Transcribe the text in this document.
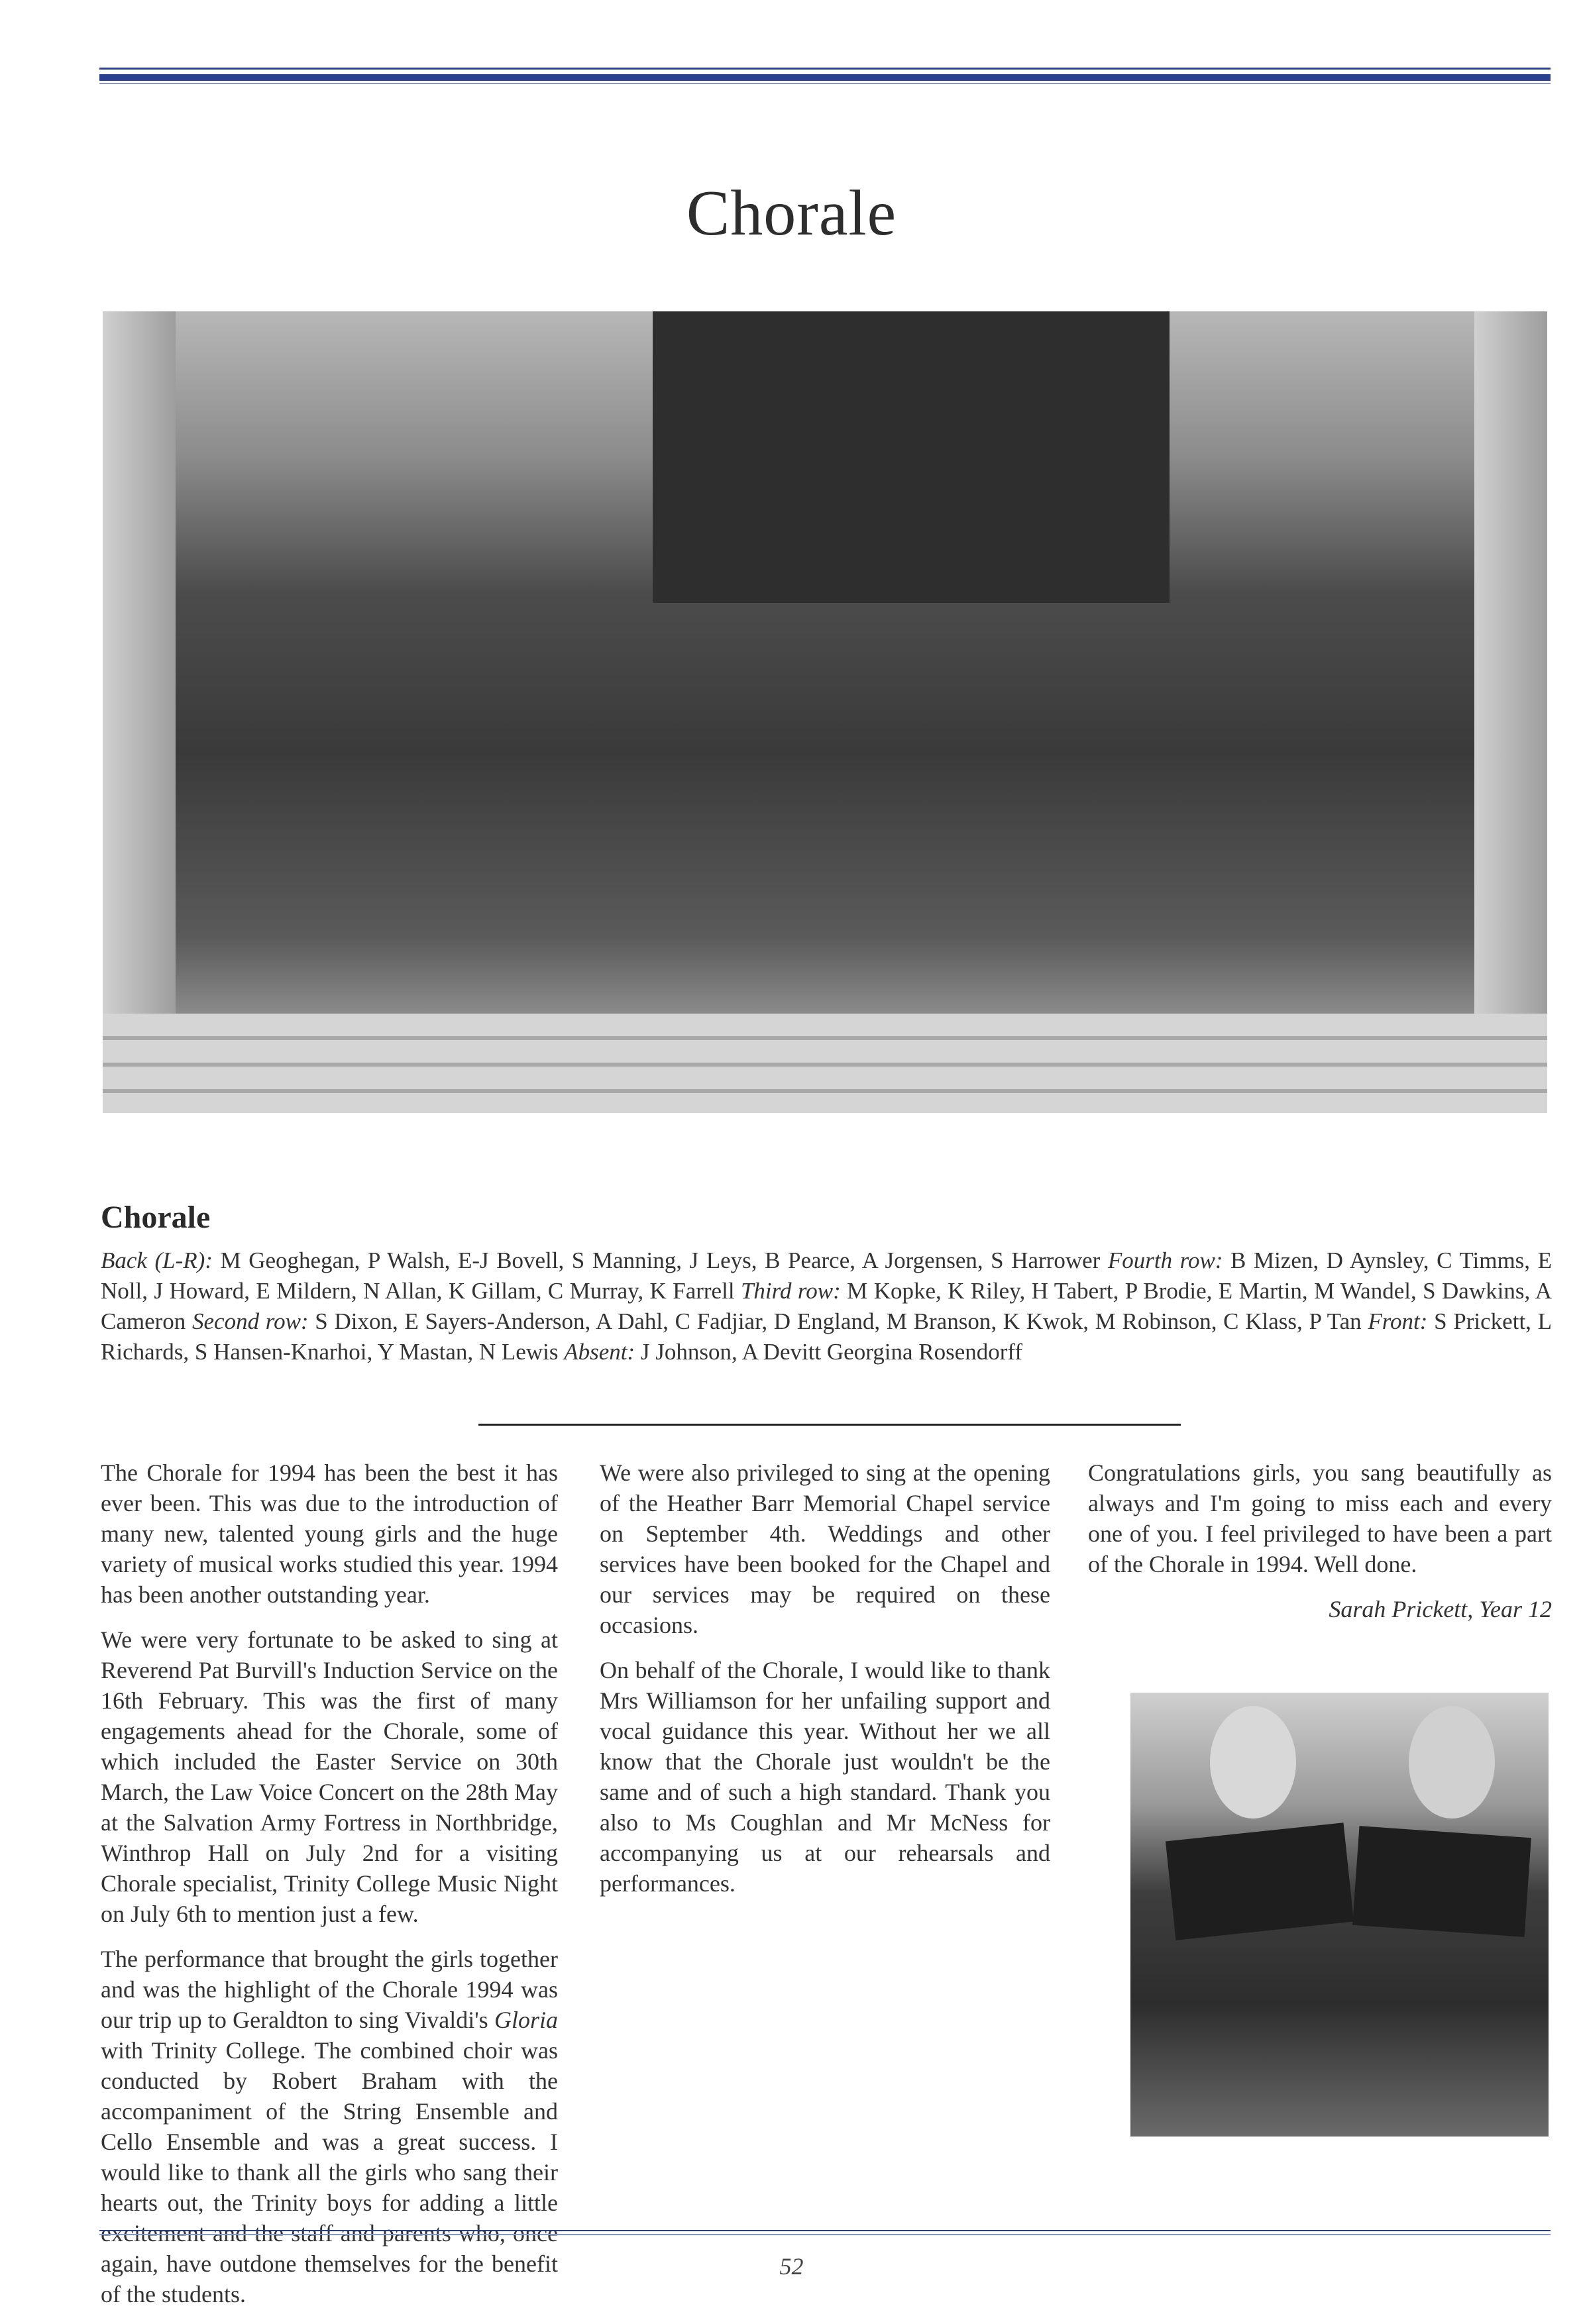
Chorale
Chorale
Back (L-R): M Geoghegan, P Walsh, E-J Bovell, S Manning, J Leys, B Pearce, A Jorgensen, S Harrower Fourth row: B Mizen, D Aynsley, C Timms, E Noll, J Howard, E Mildern, N Allan, K Gillam, C Murray, K Farrell Third row: M Kopke, K Riley, H Tabert, P Brodie, E Martin, M Wandel, S Dawkins, A Cameron Second row: S Dixon, E Sayers-Anderson, A Dahl, C Fadjiar, D England, M Branson, K Kwok, M Robinson, C Klass, P Tan Front: S Prickett, L Richards, S Hansen-Knarhoi, Y Mastan, N Lewis Absent: J Johnson, A Devitt Georgina Rosendorff

The Chorale for 1994 has been the best it has ever been. This was due to the introduction of many new, talented young girls and the huge variety of musical works studied this year. 1994 has been another outstanding year.

We were very fortunate to be asked to sing at Reverend Pat Burvill's Induction Service on the 16th February. This was the first of many engagements ahead for the Chorale, some of which included the Easter Service on 30th March, the Law Voice Concert on the 28th May at the Salvation Army Fortress in Northbridge, Winthrop Hall on July 2nd for a visiting Chorale specialist, Trinity College Music Night on July 6th to mention just a few.

The performance that brought the girls together and was the highlight of the Chorale 1994 was our trip up to Geraldton to sing Vivaldi's Gloria with Trinity College. The combined choir was conducted by Robert Braham with the accompaniment of the String Ensemble and Cello Ensemble and was a great success. I would like to thank all the girls who sang their hearts out, the Trinity boys for adding a little excitement and the staff and parents who, once again, have outdone themselves for the benefit of the students.

We were also privileged to sing at the opening of the Heather Barr Memorial Chapel service on September 4th. Weddings and other services have been booked for the Chapel and our services may be required on these occasions.

On behalf of the Chorale, I would like to thank Mrs Williamson for her unfailing support and vocal guidance this year. Without her we all know that the Chorale just wouldn't be the same and of such a high standard. Thank you also to Ms Coughlan and Mr McNess for accompanying us at our rehearsals and performances.

Congratulations girls, you sang beautifully as always and I'm going to miss each and every one of you. I feel privileged to have been a part of the Chorale in 1994. Well done.

Sarah Prickett, Year 12

52
